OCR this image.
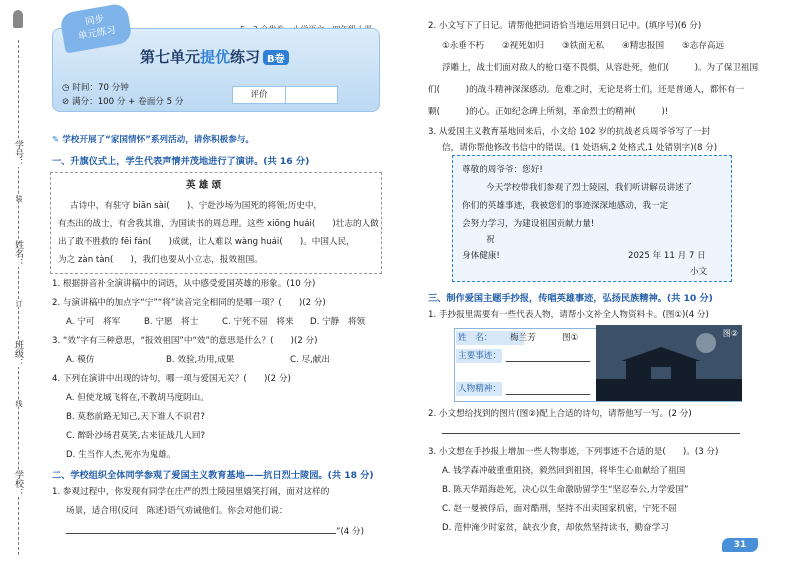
学号：
姓名：
班级：
学校：
装
订
线
同步
单元练习
第七单元提优练习 B卷
◷ 时间：70 分钟
⊘ 满分：100 分 + 卷面分 5 分
评价
✎ 学校开展了“家国情怀”系列活动，请你积极参与。
一、升旗仪式上，学生代表声情并茂地进行了演讲。(共 16 分)
英 雄 颂
古诗中，有驻守 biān sài(　　)、宁赴沙场为国死的将领;历史中，
有杰出的战士，有舍我其谁，为国读书的周总理。这些 xiōng huái(　　)壮志的人做
出了敢不胜救的 fēi fán(　　)成就，让人难以 wàng huái(　　)。中国人民，
为之 zàn tàn(　　)，我们也要从小立志，报效祖国。
1. 根据拼音补全演讲稿中的词语，从中感受爱国英雄的形象。(10 分)
2. 与演讲稿中的加点字“宁”“将”读音完全相同的是哪一项？(　　)(2 分)
A. 宁可　将军	B. 宁愿　将士	C. 宁死不屈　将来 D. 宁静　将领
3. “效”字有三种意思，“报效祖国”中“效”的意思是什么？(　　)(2 分)
A. 模仿	B. 效验,功用,成果	C. 尽,献出
4. 下列在演讲中出现的诗句，哪一项与爱国无关？(　　)(2 分)
A. 但使龙城飞将在,不教胡马度阴山。
B. 莫愁前路无知己,天下谁人不识君?
C. 醉卧沙场君莫笑,古来征战几人回?
D. 生当作人杰,死亦为鬼雄。
二、学校组织全体同学参观了爱国主义教育基地——抗日烈士陵园。(共 18 分)
1. 参观过程中，你发现有同学在庄严的烈士陵园里嬉笑打闹，面对这样的
场景，适合用(反问　陈述)语气劝诫他们。你会对他们说：
”(4 分)
2. 小文写下了日记。请帮他把词语恰当地运用到日记中。(填序号)(6 分)
①永垂不朽 ②视死如归 ③铁面无私 ④精忠报国 ⑤志存高远
浮雕上，战士们面对敌人的枪口毫不畏惧，从容赴死，他们(　　　)。为了保卫祖国
们(　　　)的战斗精神深深感动。危难之时，无论是将士们，还是普通人，都怀有一
颗(　　　)的心。正如纪念碑上所刻，革命烈士的精神(　　　)!
3. 从爱国主义教育基地回来后，小文给 102 岁的抗战老兵周爷爷写了一封
信，请你帮他修改书信中的错误。(1 处语病,2 处格式,1 处错别字)(8 分)
尊敬的周爷爷：您好!
今天学校带我们参观了烈士陵园，我们听讲解员讲述了
你们的英雄事迹，我被您们的事迹深深地感动，我一定
会努力学习，为建设祖国贡献力量!
祝
身体健康!	2025 年 11 月 7 日
小文
三、制作爱国主题手抄报，传唱英雄事迹，弘扬民族精神。(共 10 分)
1. 手抄报里需要有一些代表人物，请帮小文补全人物资料卡。(图①)(4 分)
姓　名： 梅兰芳	图①
主要事迹：
人物精神：
图②
2. 小文想给找到的图片(图②)配上合适的诗句，请帮他写一写。(2 分)
3. 小文想在手抄报上增加一些人物事迹，下列事迹不合适的是(　　)。(3 分)
A. 钱学森冲破重重阻挠，毅然回到祖国，将毕生心血献给了祖国
B. 陈天华蹈海赴死，决心以生命激励留学生“坚忍奉公,力学爱国”
C. 赵一曼被俘后，面对酷刑，坚持不出卖国家机密，宁死不屈
D. 范仲淹少时家贫，缺衣少食，却依然坚持读书，勤奋学习
31
